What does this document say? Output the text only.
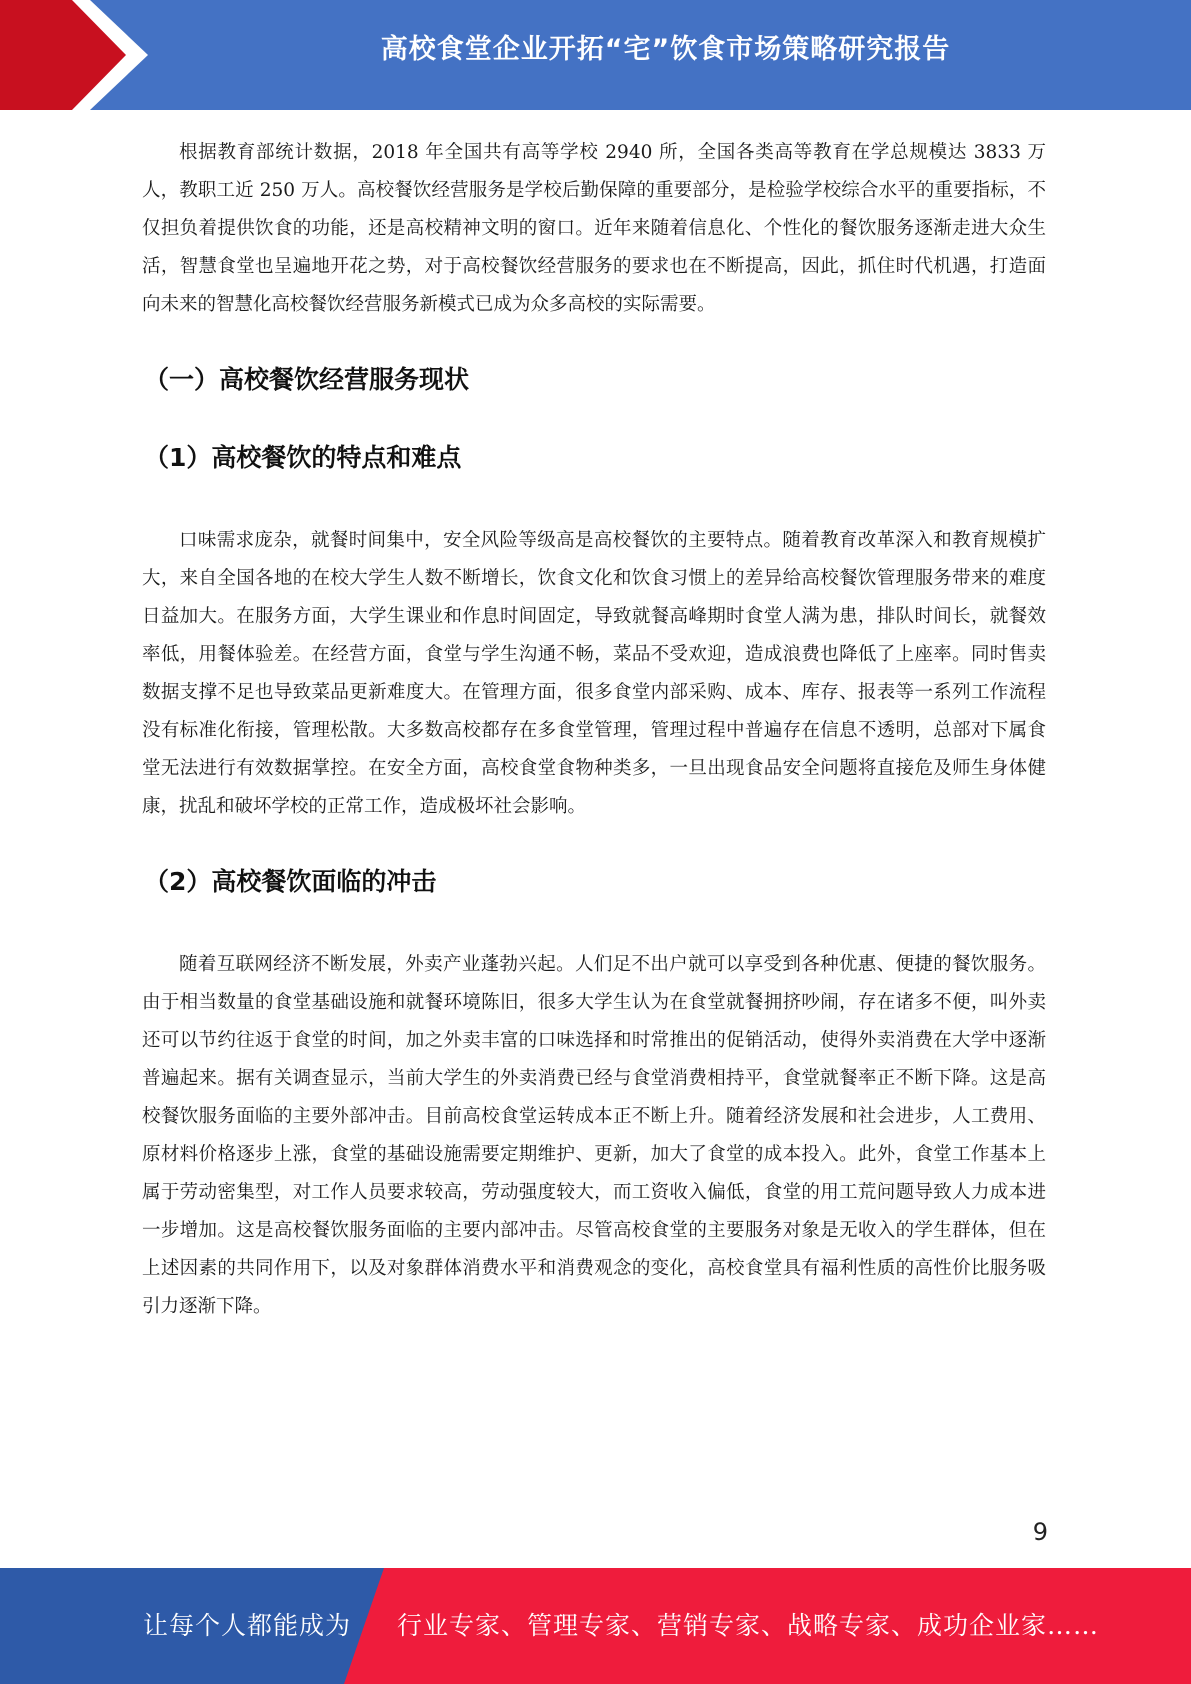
高校食堂企业开拓“宅”饮食市场策略研究报告

根据教育部统计数据，2018 年全国共有高等学校 2940 所，全国各类高等教育在学总规模达 3833 万人，教职工近 250 万人。高校餐饮经营服务是学校后勤保障的重要部分，是检验学校综合水平的重要指标，不仅担负着提供饮食的功能，还是高校精神文明的窗口。近年来随着信息化、个性化的餐饮服务逐渐走进大众生活，智慧食堂也呈遍地开花之势，对于高校餐饮经营服务的要求也在不断提高，因此，抓住时代机遇，打造面向未来的智慧化高校餐饮经营服务新模式已成为众多高校的实际需要。

（一）高校餐饮经营服务现状
（1）高校餐饮的特点和难点

口味需求庞杂，就餐时间集中，安全风险等级高是高校餐饮的主要特点。随着教育改革深入和教育规模扩大，来自全国各地的在校大学生人数不断增长，饮食文化和饮食习惯上的差异给高校餐饮管理服务带来的难度日益加大。在服务方面，大学生课业和作息时间固定，导致就餐高峰期时食堂人满为患，排队时间长，就餐效率低，用餐体验差。在经营方面，食堂与学生沟通不畅，菜品不受欢迎，造成浪费也降低了上座率。同时售卖数据支撑不足也导致菜品更新难度大。在管理方面，很多食堂内部采购、成本、库存、报表等一系列工作流程没有标准化衔接，管理松散。大多数高校都存在多食堂管理，管理过程中普遍存在信息不透明，总部对下属食堂无法进行有效数据掌控。在安全方面，高校食堂食物种类多，一旦出现食品安全问题将直接危及师生身体健康，扰乱和破坏学校的正常工作，造成极坏社会影响。

（2）高校餐饮面临的冲击

随着互联网经济不断发展，外卖产业蓬勃兴起。人们足不出户就可以享受到各种优惠、便捷的餐饮服务。由于相当数量的食堂基础设施和就餐环境陈旧，很多大学生认为在食堂就餐拥挤吵闹，存在诸多不便，叫外卖还可以节约往返于食堂的时间，加之外卖丰富的口味选择和时常推出的促销活动，使得外卖消费在大学中逐渐普遍起来。据有关调查显示，当前大学生的外卖消费已经与食堂消费相持平，食堂就餐率正不断下降。这是高校餐饮服务面临的主要外部冲击。目前高校食堂运转成本正不断上升。随着经济发展和社会进步，人工费用、原材料价格逐步上涨，食堂的基础设施需要定期维护、更新，加大了食堂的成本投入。此外，食堂工作基本上属于劳动密集型，对工作人员要求较高，劳动强度较大，而工资收入偏低，食堂的用工荒问题导致人力成本进一步增加。这是高校餐饮服务面临的主要内部冲击。尽管高校食堂的主要服务对象是无收入的学生群体，但在上述因素的共同作用下，以及对象群体消费水平和消费观念的变化，高校食堂具有福利性质的高性价比服务吸引力逐渐下降。

9
让每个人都能成为 行业专家、管理专家、营销专家、战略专家、成功企业家……
